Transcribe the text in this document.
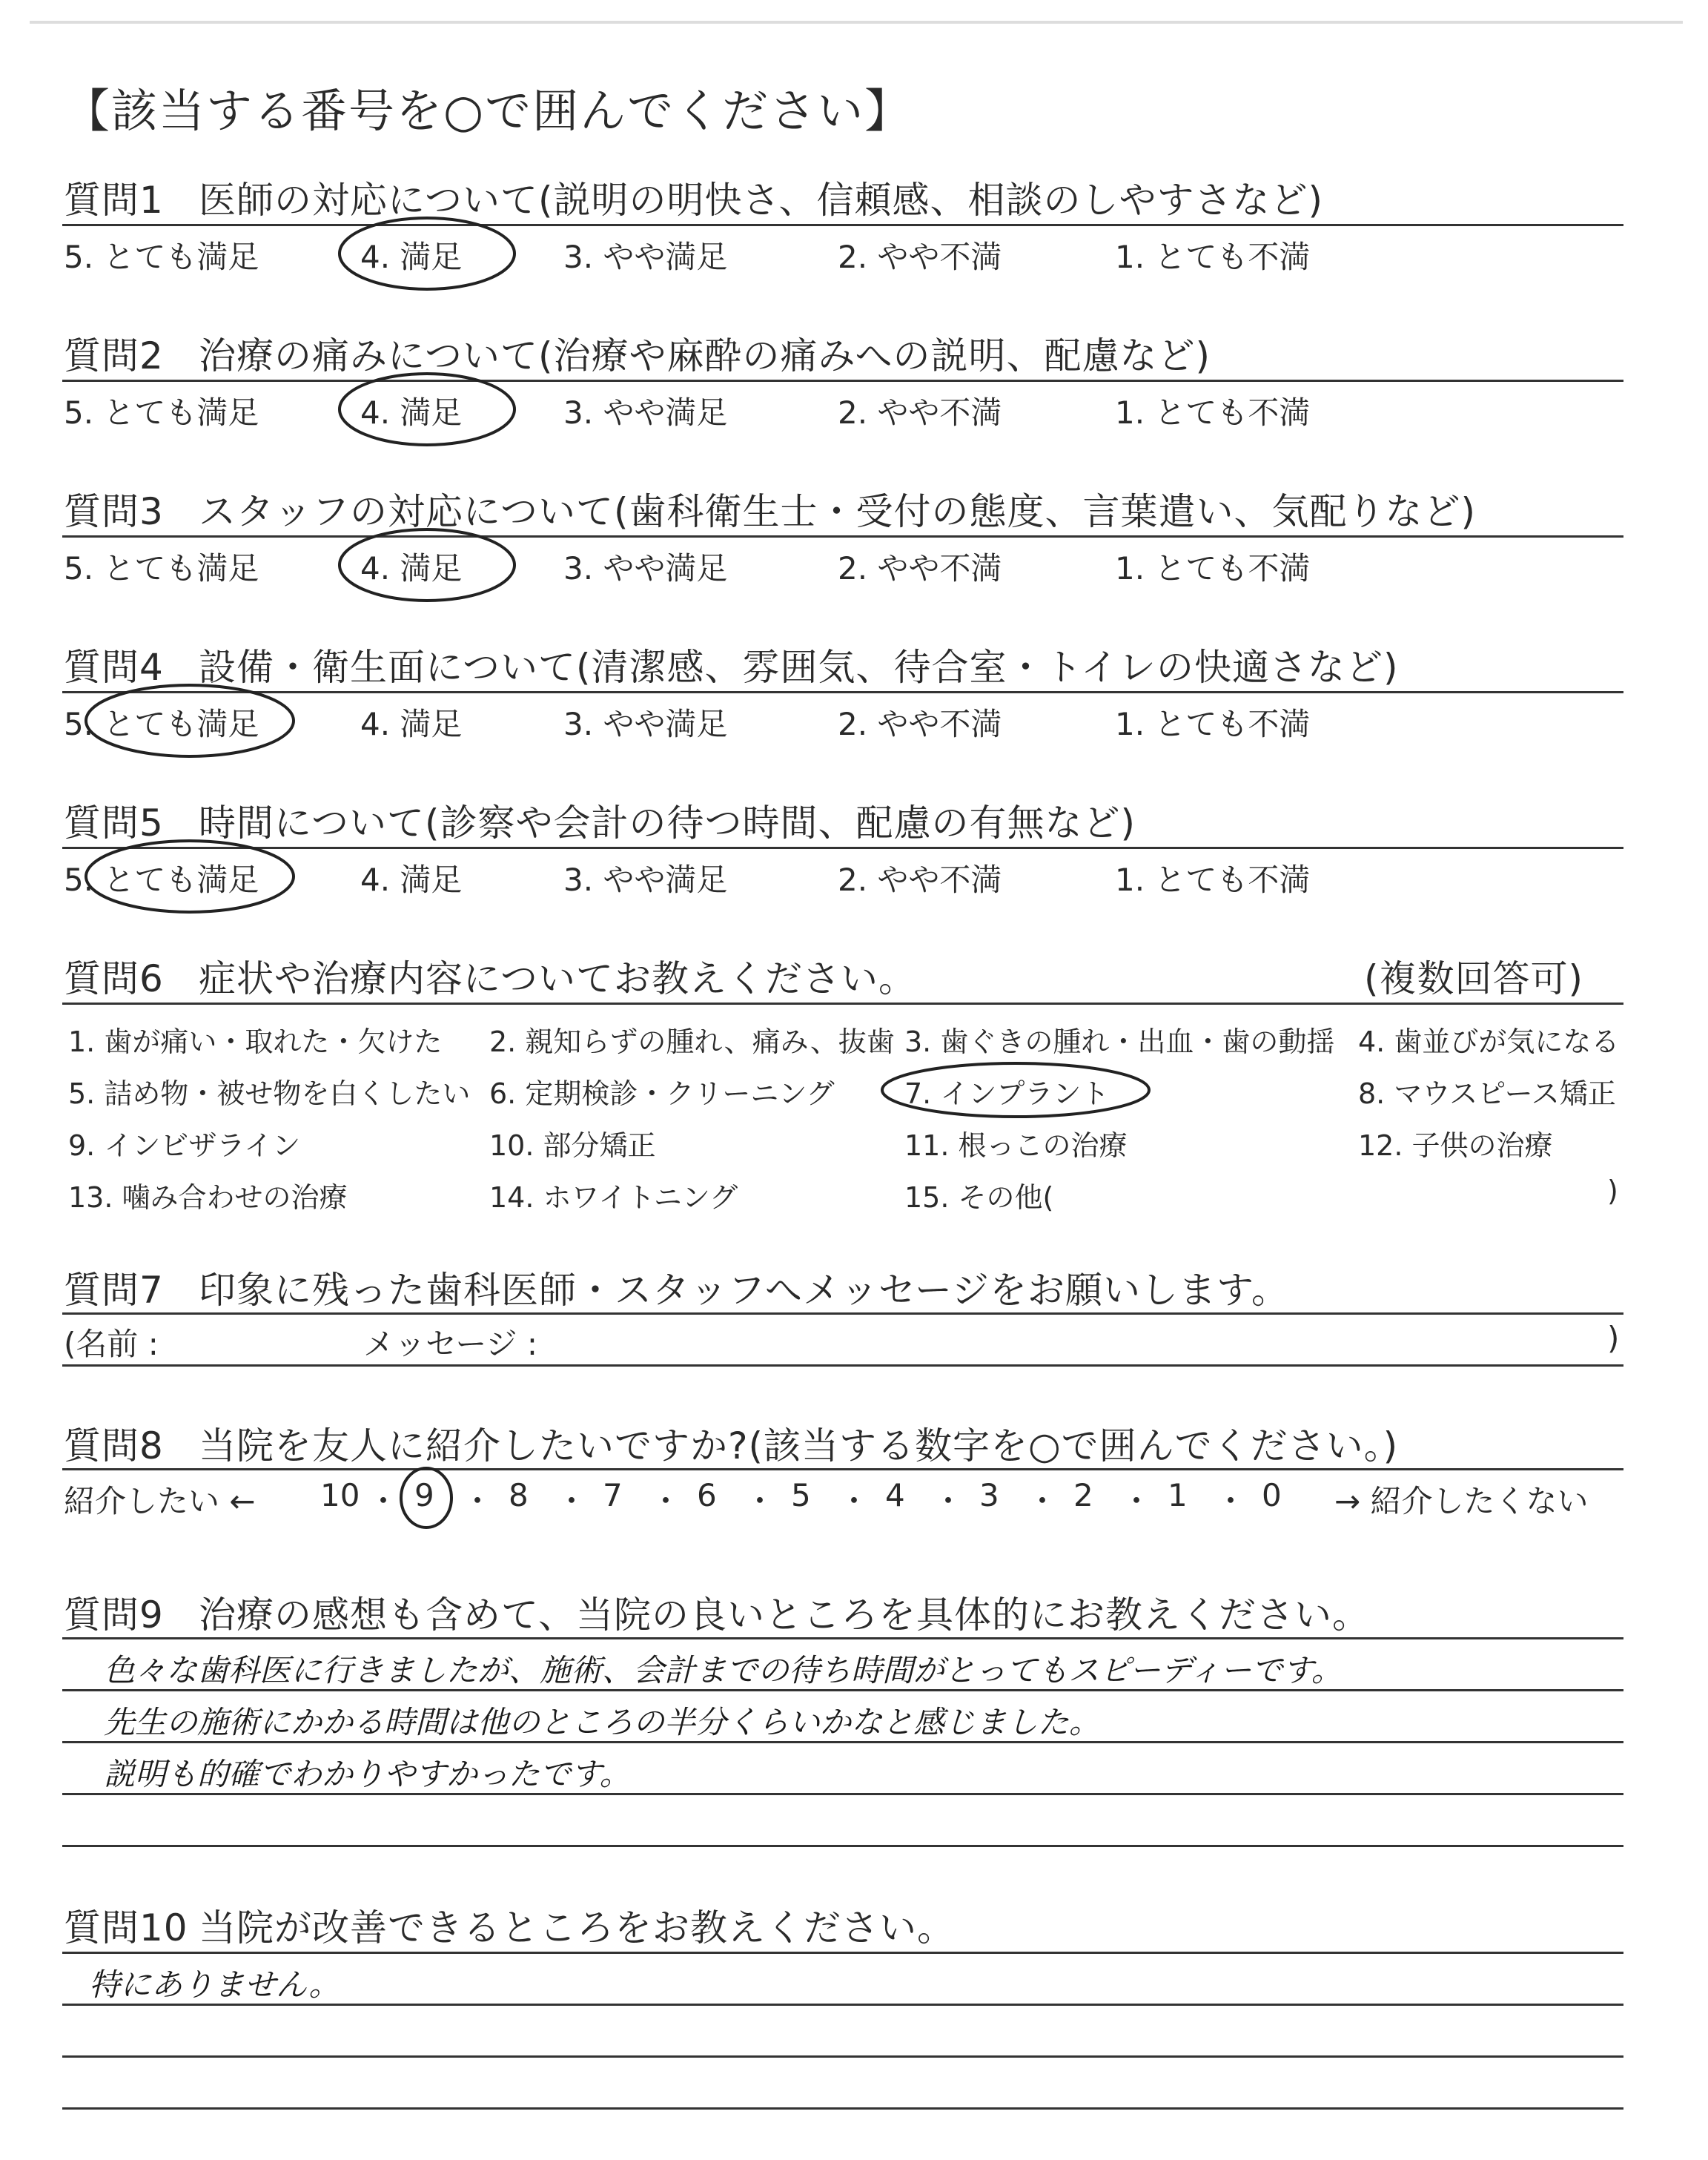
【該当する番号を○で囲んでください】
質問1 医師の対応について(説明の明快さ、信頼感、相談のしやすさなど)
5. とても満足	4. 満足	3. やや満足	2. やや不満	1. とても不満
質問2 治療の痛みについて(治療や麻酔の痛みへの説明、配慮など)
5. とても満足	4. 満足	3. やや満足	2. やや不満	1. とても不満
質問3 スタッフの対応について(歯科衛生士・受付の態度、言葉遣い、気配りなど)
5. とても満足	4. 満足	3. やや満足	2. やや不満	1. とても不満
質問4 設備・衛生面について(清潔感、雰囲気、待合室・トイレの快適さなど)
5. とても満足	4. 満足	3. やや満足	2. やや不満	1. とても不満
質問5 時間について(診察や会計の待つ時間、配慮の有無など)
5. とても満足	4. 満足	3. やや満足	2. やや不満	1. とても不満
質問6 症状や治療内容についてお教えください。	(複数回答可)
1. 歯が痛い・取れた・欠けた 2. 親知らずの腫れ、痛み、抜歯 3. 歯ぐきの腫れ・出血・歯の動揺 4. 歯並びが気になる
5. 詰め物・被せ物を白くしたい 6. 定期検診・クリーニング 7. インプラント	8. マウスピース矯正
9. インビザライン	10. 部分矯正	11. 根っこの治療	12. 子供の治療
13. 噛み合わせの治療	14. ホワイトニング	15. その他(	)
質問7 印象に残った歯科医師・スタッフへメッセージをお願いします。
(名前 :	メッセージ :	)
質問8 当院を友人に紹介したいですか?(該当する数字を○で囲んでください。)
紹介したい ←	→ 紹介したくない
10 ・ 9 ・ 8 ・ 7 ・ 6 ・ 5 ・ 4 ・ 3 ・ 2 ・ 1 ・ 0
質問9 治療の感想も含めて、当院の良いところを具体的にお教えください。
色々な歯科医に行きましたが、施術、会計までの待ち時間がとってもスピーディーです。
先生の施術にかかる時間は他のところの半分くらいかなと感じました。
説明も的確でわかりやすかったです。
質問10 当院が改善できるところをお教えください。
特にありません。
